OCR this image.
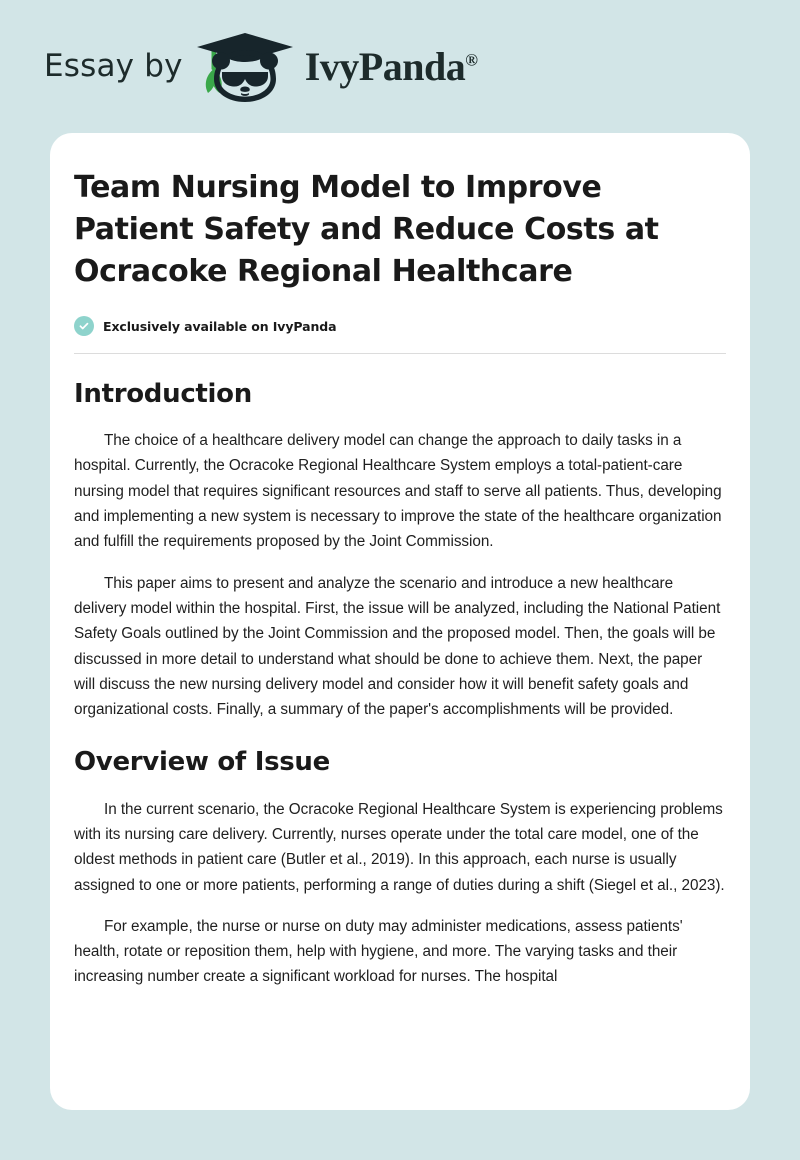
Essay by	IvyPanda®
Team Nursing Model to Improve Patient Safety and Reduce Costs at Ocracoke Regional Healthcare
Exclusively available on IvyPanda
Introduction

The choice of a healthcare delivery model can change the approach to daily tasks in a hospital. Currently, the Ocracoke Regional Healthcare System employs a total-patient-care nursing model that requires significant resources and staff to serve all patients. Thus, developing and implementing a new system is necessary to improve the state of the healthcare organization and fulfill the requirements proposed by the Joint Commission.

This paper aims to present and analyze the scenario and introduce a new healthcare delivery model within the hospital. First, the issue will be analyzed, including the National Patient Safety Goals outlined by the Joint Commission and the proposed model. Then, the goals will be discussed in more detail to understand what should be done to achieve them. Next, the paper will discuss the new nursing delivery model and consider how it will benefit safety goals and organizational costs. Finally, a summary of the paper's accomplishments will be provided.

Overview of Issue

In the current scenario, the Ocracoke Regional Healthcare System is experiencing problems with its nursing care delivery. Currently, nurses operate under the total care model, one of the oldest methods in patient care (Butler et al., 2019). In this approach, each nurse is usually assigned to one or more patients, performing a range of duties during a shift (Siegel et al., 2023).

For example, the nurse or nurse on duty may administer medications, assess patients' health, rotate or reposition them, help with hygiene, and more. The varying tasks and their increasing number create a significant workload for nurses. The hospital
